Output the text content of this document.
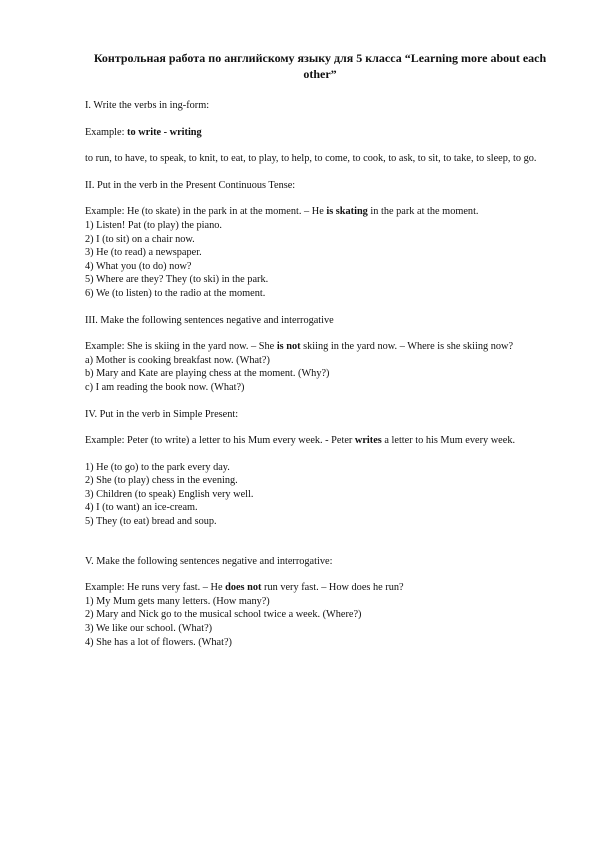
Контрольная работа по английскому языку для 5 класса “Learning more about each other”

I. Write the verbs in ing-form:

Example: to write - writing

to run, to have, to speak, to knit, to eat, to play, to help, to come, to cook, to ask, to sit, to take, to sleep, to go.

II. Put in the verb in the Present Continuous Tense:

Example: He (to skate) in the park in at the moment. – He is skating in the park at the moment.

1) Listen! Pat (to play) the piano.
2) I (to sit) on a chair now.
3) He (to read) a newspaper.
4) What you (to do) now?
5) Where are they? They (to ski) in the park.
6) We (to listen) to the radio at the moment.

III. Make the following sentences negative and interrogative

Example: She is skiing in the yard now. – She is not skiing in the yard now. – Where is she skiing now?

a) Mother is cooking breakfast now. (What?)
b) Mary and Kate are playing chess at the moment. (Why?)
c) I am reading the book now. (What?)

IV. Put in the verb in Simple Present:

Example: Peter (to write) a letter to his Mum every week. - Peter writes a letter to his Mum every week.

1) He (to go) to the park every day.
2) She (to play) chess in the evening.
3) Children (to speak) English very well.
4) I (to want) an ice-cream.
5) They (to eat) bread and soup.

V. Make the following sentences negative and interrogative:

Example: He runs very fast. – He does not run very fast. – How does he run?

1) My Mum gets many letters. (How many?)
2) Mary and Nick go to the musical school twice a week. (Where?)
3) We like our school. (What?)
4) She has a lot of flowers. (What?)
